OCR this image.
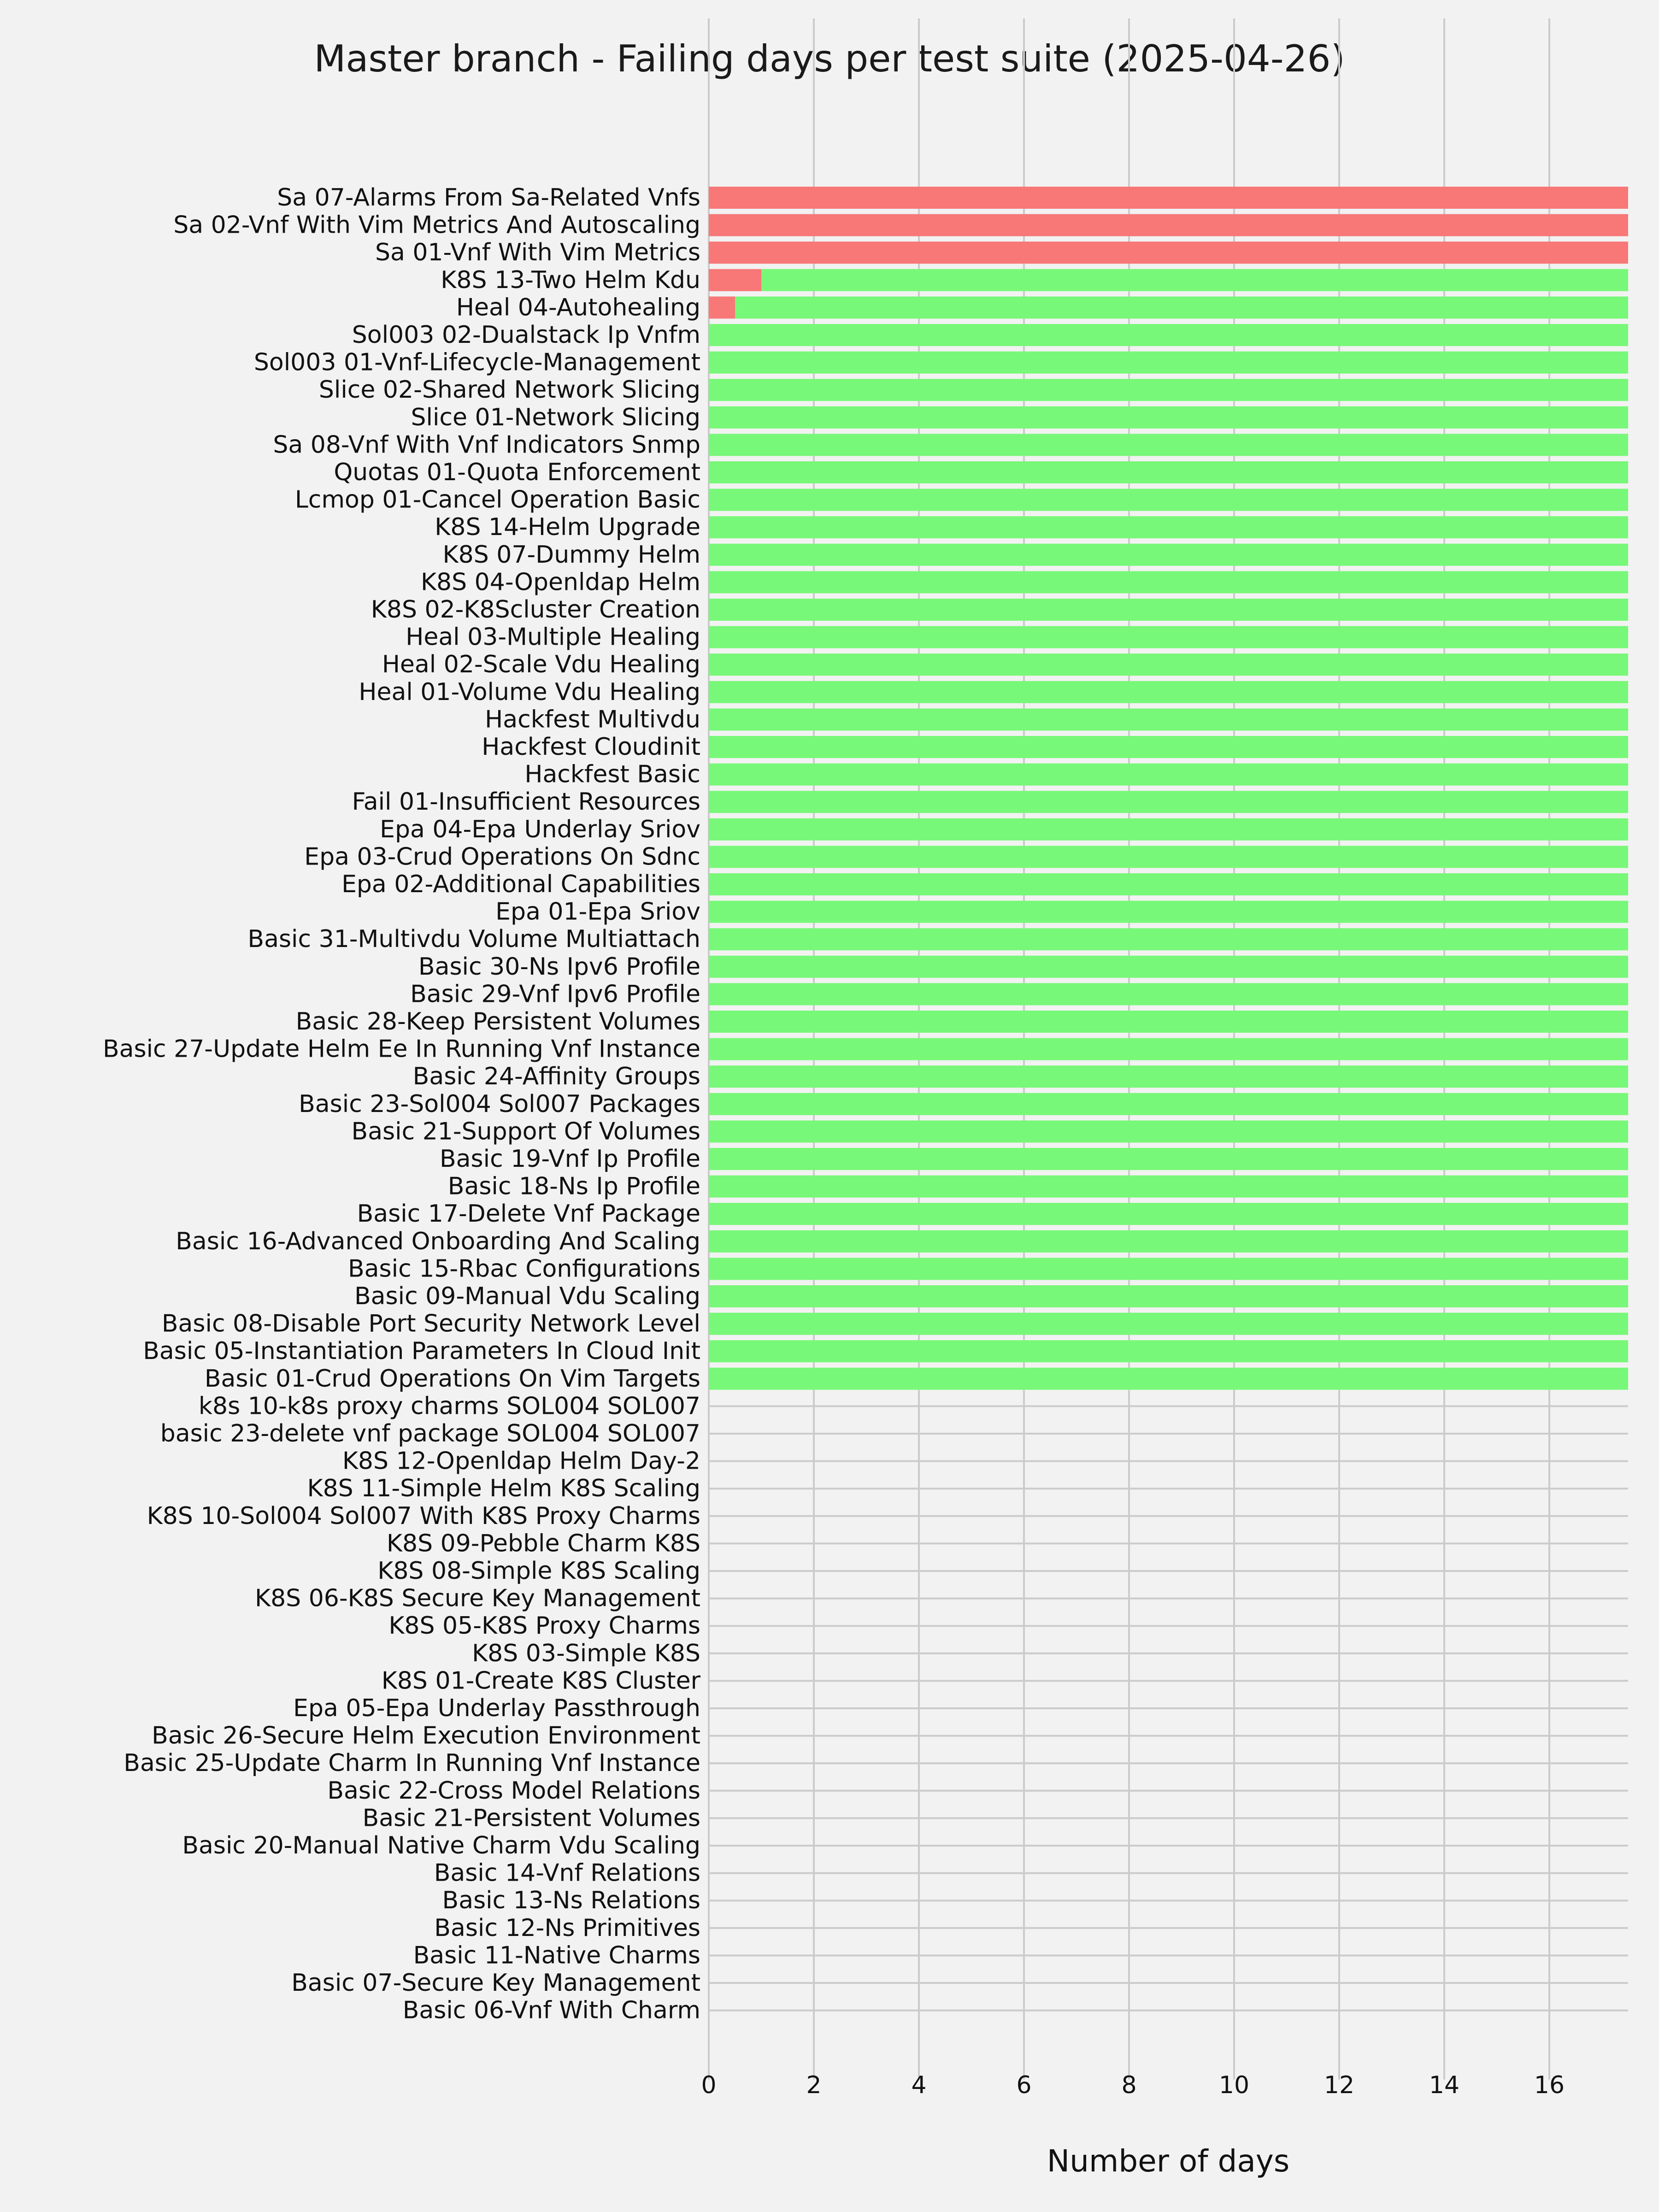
Master branch - Failing days per test suite (2025-04-26)
Sa 07-Alarms From Sa-Related Vnfs
Sa 02-Vnf With Vim Metrics And Autoscaling
Sa 01-Vnf With Vim Metrics
K8S 13-Two Helm Kdu
Heal 04-Autohealing
Sol003 02-Dualstack Ip Vnfm
Sol003 01-Vnf-Lifecycle-Management
Slice 02-Shared Network Slicing
Slice 01-Network Slicing
Sa 08-Vnf With Vnf Indicators Snmp
Quotas 01-Quota Enforcement
Lcmop 01-Cancel Operation Basic
K8S 14-Helm Upgrade
K8S 07-Dummy Helm
K8S 04-Openldap Helm
K8S 02-K8Scluster Creation
Heal 03-Multiple Healing
Heal 02-Scale Vdu Healing
Heal 01-Volume Vdu Healing
Hackfest Multivdu
Hackfest Cloudinit
Hackfest Basic
Fail 01-Insufficient Resources
Epa 04-Epa Underlay Sriov
Epa 03-Crud Operations On Sdnc
Epa 02-Additional Capabilities
Epa 01-Epa Sriov
Basic 31-Multivdu Volume Multiattach
Basic 30-Ns Ipv6 Profile
Basic 29-Vnf Ipv6 Profile
Basic 28-Keep Persistent Volumes
Basic 27-Update Helm Ee In Running Vnf Instance
Basic 24-Affinity Groups
Basic 23-Sol004 Sol007 Packages
Basic 21-Support Of Volumes
Basic 19-Vnf Ip Profile
Basic 18-Ns Ip Profile
Basic 17-Delete Vnf Package
Basic 16-Advanced Onboarding And Scaling
Basic 15-Rbac Configurations
Basic 09-Manual Vdu Scaling
Basic 08-Disable Port Security Network Level
Basic 05-Instantiation Parameters In Cloud Init
Basic 01-Crud Operations On Vim Targets
k8s 10-k8s proxy charms SOL004 SOL007
basic 23-delete vnf package SOL004 SOL007
K8S 12-Openldap Helm Day-2
K8S 11-Simple Helm K8S Scaling
K8S 10-Sol004 Sol007 With K8S Proxy Charms
K8S 09-Pebble Charm K8S
K8S 08-Simple K8S Scaling
K8S 06-K8S Secure Key Management
K8S 05-K8S Proxy Charms
K8S 03-Simple K8S
K8S 01-Create K8S Cluster
Epa 05-Epa Underlay Passthrough
Basic 26-Secure Helm Execution Environment
Basic 25-Update Charm In Running Vnf Instance
Basic 22-Cross Model Relations
Basic 21-Persistent Volumes
Basic 20-Manual Native Charm Vdu Scaling
Basic 14-Vnf Relations
Basic 13-Ns Relations
Basic 12-Ns Primitives
Basic 11-Native Charms
Basic 07-Secure Key Management
Basic 06-Vnf With Charm
0	2	4	6	8	10	12	14	16
Number of days
